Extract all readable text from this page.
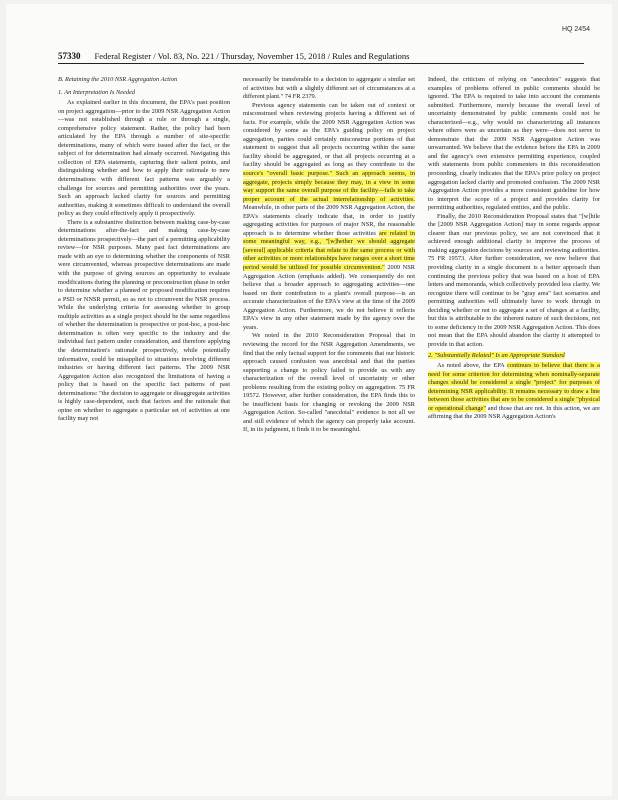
HQ 2454
57330 Federal Register / Vol. 83, No. 221 / Thursday, November 15, 2018 / Rules and Regulations

B. Retaining the 2010 NSR Aggregation Action

1. An Interpretation Is Needed

As explained earlier in this document, the EPA's past position on project aggregation—prior to the 2009 NSR Aggregation Action—was not established through a rule or through a single, comprehensive policy statement. Rather, the policy had been articulated by the EPA through a number of site-specific determinations, many of which were issued after the fact, or the subject of for determination had already occurred. Navigating this collection of EPA statements, capturing their salient points, and distinguishing whether and how to apply their rationale to new determinations with different fact patterns was arguably a challenge for sources and permitting authorities over the years. Such an approach lacked clarity for sources and permitting authorities, making it sometimes difficult to understand the overall policy as they could effectively apply it prospectively.

There is a substantive distinction between making case-by-case determinations after-the-fact and making case-by-case determinations prospectively—the part of a permitting applicability review—for NSR purposes. Many past fact determinations are made with an eye to determining whether the components of NSR were circumvented, whereas prospective determinations are made with the purpose of giving sources an opportunity to evaluate modifications during the planning or preconstruction phase in order to determine whether a planned or proposed modification requires a PSD or NNSR permit, so as not to circumvent the NSR process. While the underlying criteria for assessing whether to group multiple activities as a single project should be the same regardless of whether the determination is prospective or post-hoc, a post-hoc determination is often very specific to the industry and the individual fact pattern under consideration, and therefore applying the determination's rationale prospectively, while potentially informative, could be misapplied to situations involving different industries or having different fact patterns. The 2009 NSR Aggregation Action also recognized the limitations of having a policy that is based on the specific fact patterns of past determinations: "the decision to aggregate or disaggregate activities is highly case-dependent, such that factors and the rationale that opine on whether to aggregate a particular set of activities at one facility may not

necessarily be transferable to a decision to aggregate a similar set of activities but with a slightly different set of circumstances at a different plant." 74 FR 2379.

Previous agency statements can be taken out of context or misconstrued when reviewing projects having a different set of facts. For example, while the 2009 NSR Aggregation Action was considered by some as the EPA's guiding policy on project aggregation, parties could certainly misconstrue portions of that statement to suggest that all projects occurring within the same facility should be aggregated, or that all projects occurring at a facility should be aggregated as long as they contribute to the source's "overall basic purpose." Such an approach seems, in aggregate, projects simply because they may, in a view in some way support the same overall purpose of the facility—fails to take proper account of the actual interrelationship of activities. Meanwhile, in other parts of the 2009 NSR Aggregation Action, the EPA's statements clearly indicate that, in order to justify aggregating activities for purposes of major NSR, the reasonable approach is to determine whether those activities are related in some meaningful way, e.g., "[w]hether we should aggregate [several] applicable criteria that relate to the same process or with other activities or more relationships have ranges over a short time period would be utilized for possible circumvention." 2009 NSR Aggregation Action (emphasis added). We consequently do not believe that a broader approach to aggregating activities—one based on their contribution to a plant's overall purpose—is an accurate characterization of the EPA's view at the time of the 2009 Aggregation Action. Furthermore, we do not believe it reflects EPA's view in any other statement made by the agency over the years.

We noted in the 2010 Reconsideration Proposal that in reviewing the record for the NSR Aggregation Amendments, we find that the only factual support for the comments that our historic approach caused confusion was anecdotal and that the parties supporting a change to policy failed to provide us with any characterization of the overall level of uncertainty or other problems resulting from the existing policy on aggregation. 75 FR 19572. However, after further consideration, the EPA finds this to be insufficient basis for changing or revoking the 2009 NSR Aggregation Action. So-called "anecdotal" evidence is not all we and still evidence of which the agency can properly take account. If, in its judgment, it finds it to be meaningful.

Indeed, the criticism of relying on "anecdotes" suggests that examples of problems offered in public comments should be ignored. The EPA is required to take into account the comments submitted. Furthermore, merely because the overall level of uncertainty demonstrated by public comments could not be characterized—e.g., why would no characterizing all instances where others were as uncertain as they were—does not serve to demonstrate that the 2009 NSR Aggregation Action was unwarranted. We believe that the evidence before the EPA in 2009 and the agency's own extensive permitting experience, coupled with statements from public commenters in this reconsideration proceeding, clearly indicates that the EPA's prior policy on project aggregation lacked clarity and promoted confusion. The 2009 NSR Aggregation Action provides a more consistent guideline for how to interpret the scope of a project and provides clarity for permitting authorities, regulated entities, and the public.

Finally, the 2010 Reconsideration Proposal states that "[w]hile the [2009 NSR Aggregation Action] may in some regards appear clearer than our previous policy, we are not convinced that it achieved enough additional clarity to improve the process of making aggregation decisions by sources and reviewing authorities. 75 FR 19573. After further consideration, we now believe that providing clarity in a single document is a better approach than continuing the previous policy that was based on a host of EPA letters and memoranda, which collectively provided less clarity. We recognize there will continue to be "gray area" fact scenarios and permitting authorities will ultimately have to work through in deciding whether or not to aggregate a set of changes at a facility, but this is attributable to the inherent nature of such decisions, not to some deficiency in the 2009 NSR Aggregation Action. This does not mean that the EPA should abandon the clarity it attempted to provide in that action.

2. "Substantially Related" Is an Appropriate Standard

As noted above, the EPA continues to believe that there is a need for some criterion for determining when nominally-separate changes should be considered a single "project" for purposes of determining NSR applicability. It remains necessary to draw a line between those activities that are to be considered a single "physical or operational change" and those that are not. In this action, we are affirming that the 2009 NSR Aggregation Action's
